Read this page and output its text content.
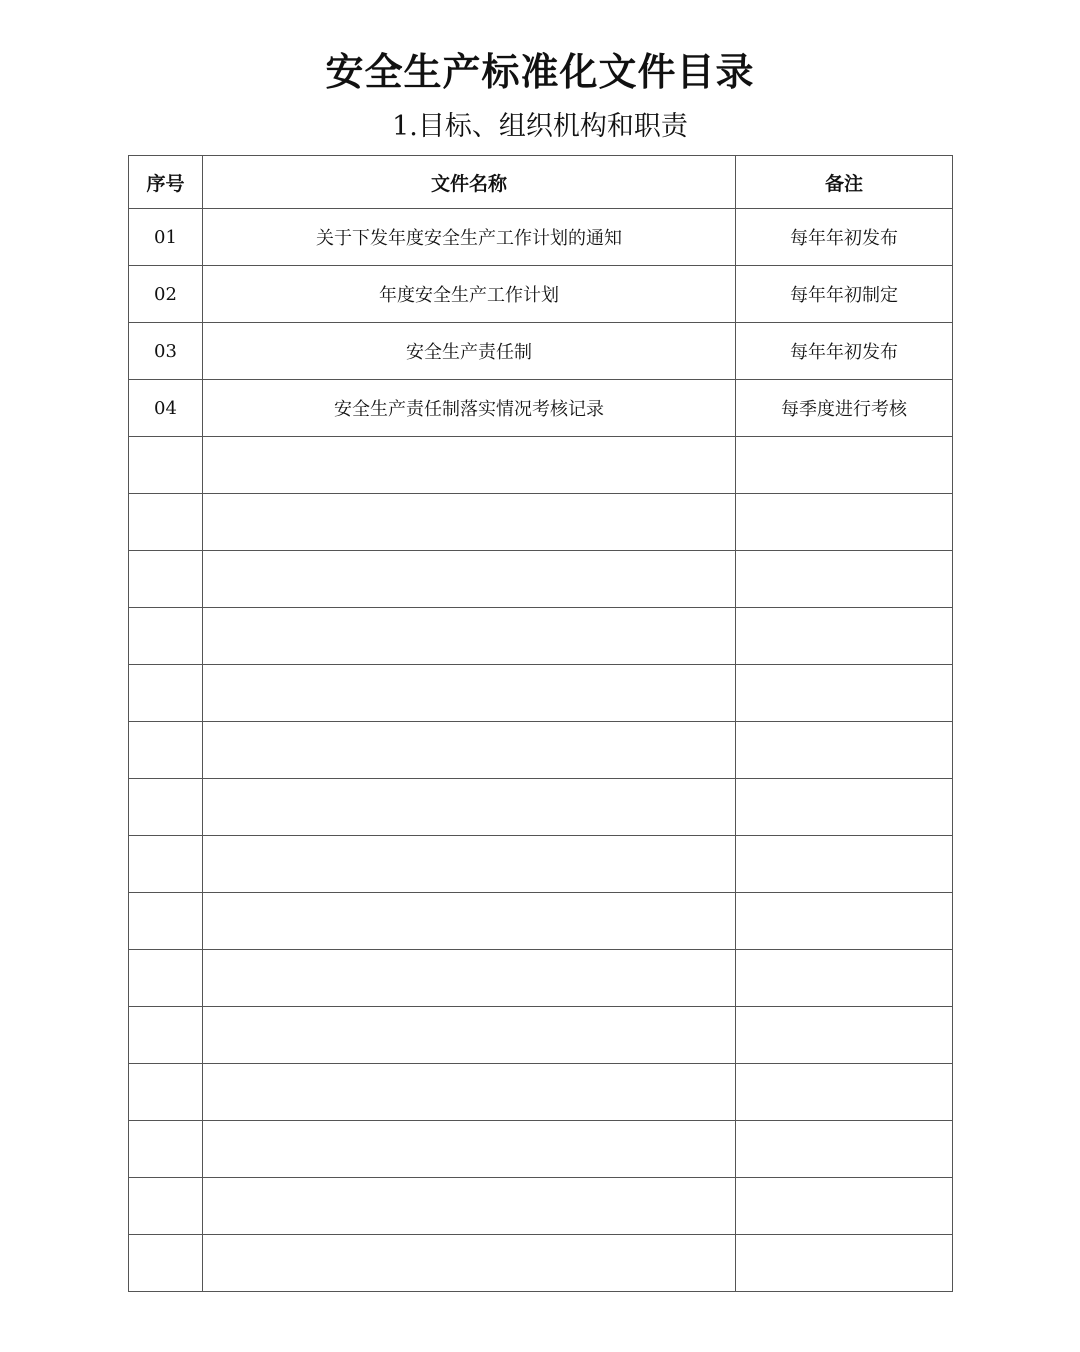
安全生产标准化文件目录
1.目标、组织机构和职责
序号	文件名称	备注
01	关于下发年度安全生产工作计划的通知	每年年初发布
02	年度安全生产工作计划	每年年初制定
03	安全生产责任制	每年年初发布
04	安全生产责任制落实情况考核记录	每季度进行考核
